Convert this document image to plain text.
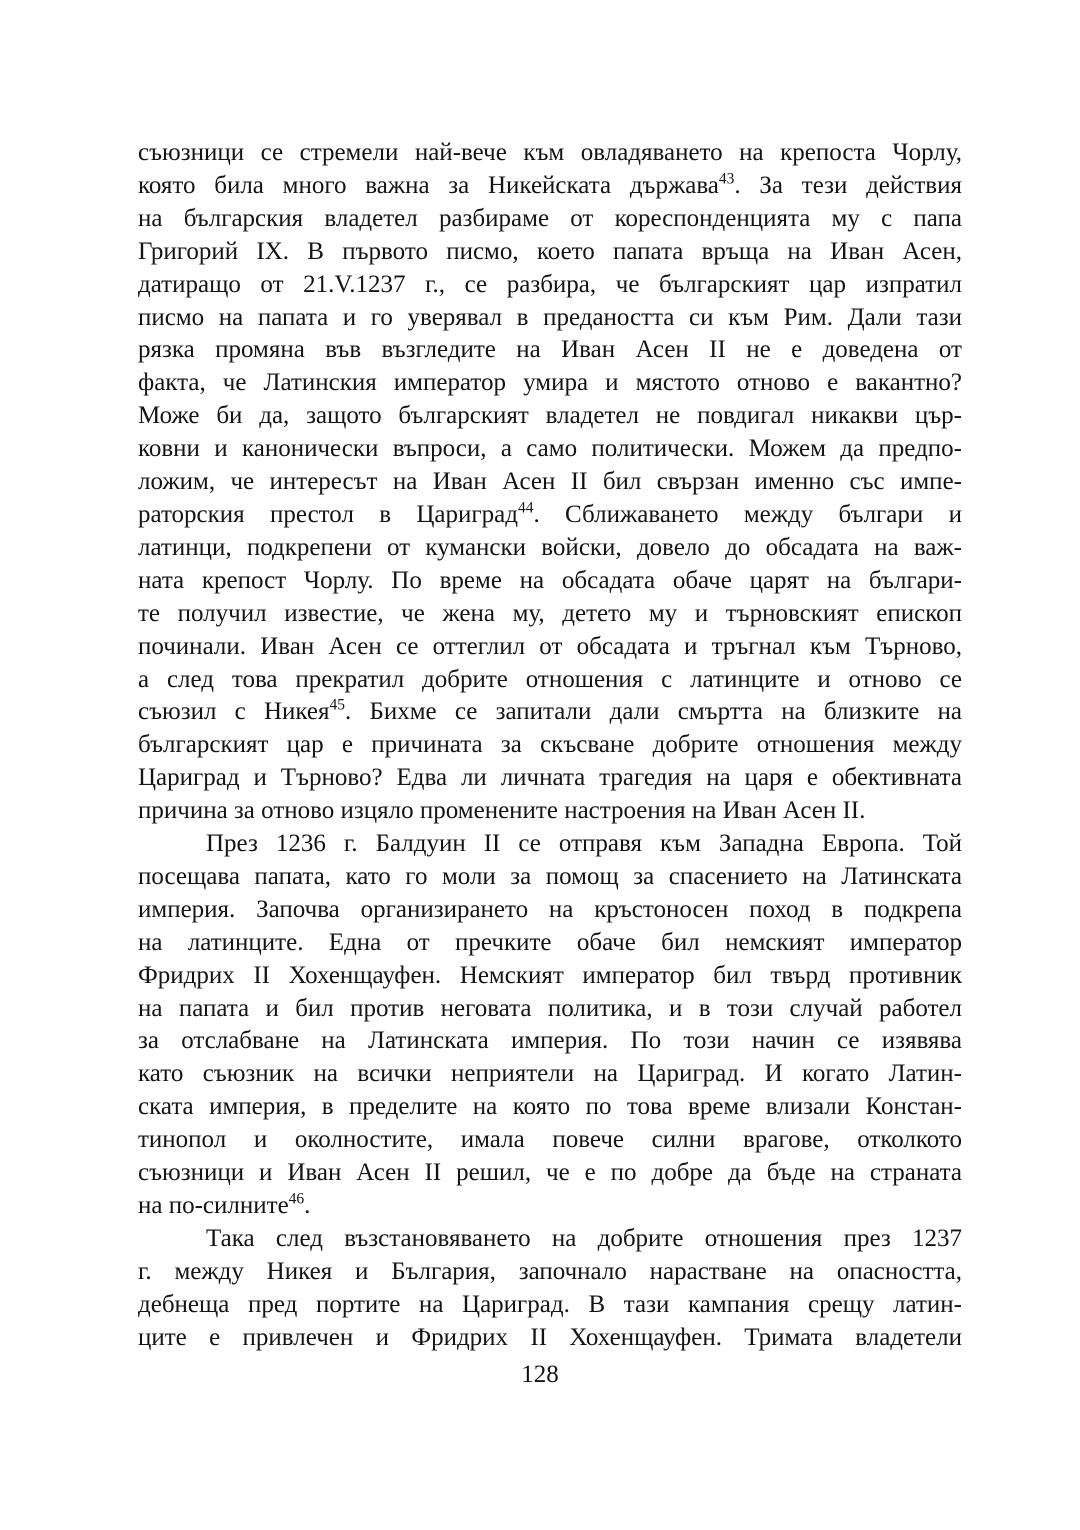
съюзници се стремели най-вече към овладяването на крепоста Чорлу,
която била много важна за Никейската държава$^{43}$. За тези действия
на българския владетел разбираме от кореспонденцията му с папа
Григорий IX. В първото писмо, което папата връща на Иван Асен,
датиращо от 21.V.1237 г., се разбира, че българският цар изпратил
писмо на папата и го уверявал в предаността си към Рим. Дали тази
рязка промяна във възгледите на Иван Асен II не е доведена от
факта, че Латинския император умира и мястото отново е вакантно?
Може би да, защото българският владетел не повдигал никакви цър-
ковни и канонически въпроси, а само политически. Можем да предпо-
ложим, че интересът на Иван Асен II бил свързан именно със импе-
раторския престол в Цариград$^{44}$. Сближаването между българи и
латинци, подкрепени от кумански войски, довело до обсадата на важ-
ната крепост Чорлу. По време на обсадата обаче царят на българи-
те получил известие, че жена му, детето му и търновският епископ
починали. Иван Асен се оттеглил от обсадата и тръгнал към Търново,
а след това прекратил добрите отношения с латинците и отново се
съюзил с Никея$^{45}$. Бихме се запитали дали смъртта на близките на
българският цар е причината за скъсване добрите отношения между
Цариград и Търново? Едва ли личната трагедия на царя е обективната
причина за отново изцяло променените настроения на Иван Асен II.
През 1236 г. Балдуин II се отправя към Западна Европа. Той
посещава папата, като го моли за помощ за спасението на Латинската
империя. Започва организирането на кръстоносен поход в подкрепа
на латинците. Една от пречките обаче бил немският император
Фридрих II Хохенщауфен. Немският император бил твърд противник
на папата и бил против неговата политика, и в този случай работел
за отслабване на Латинската империя. По този начин се изявява
като съюзник на всички неприятели на Цариград. И когато Латин-
ската империя, в пределите на която по това време влизали Констан-
тинопол и околностите, имала повече силни врагове, отколкото
съюзници и Иван Асен II решил, че е по добре да бъде на страната
на по-силните$^{46}$.
Така след възстановяването на добрите отношения през 1237
г. между Никея и България, започнало нарастване на опасността,
дебнеща пред портите на Цариград. В тази кампания срещу латин-
ците е привлечен и Фридрих II Хохенщауфен. Тримата владетели
128
